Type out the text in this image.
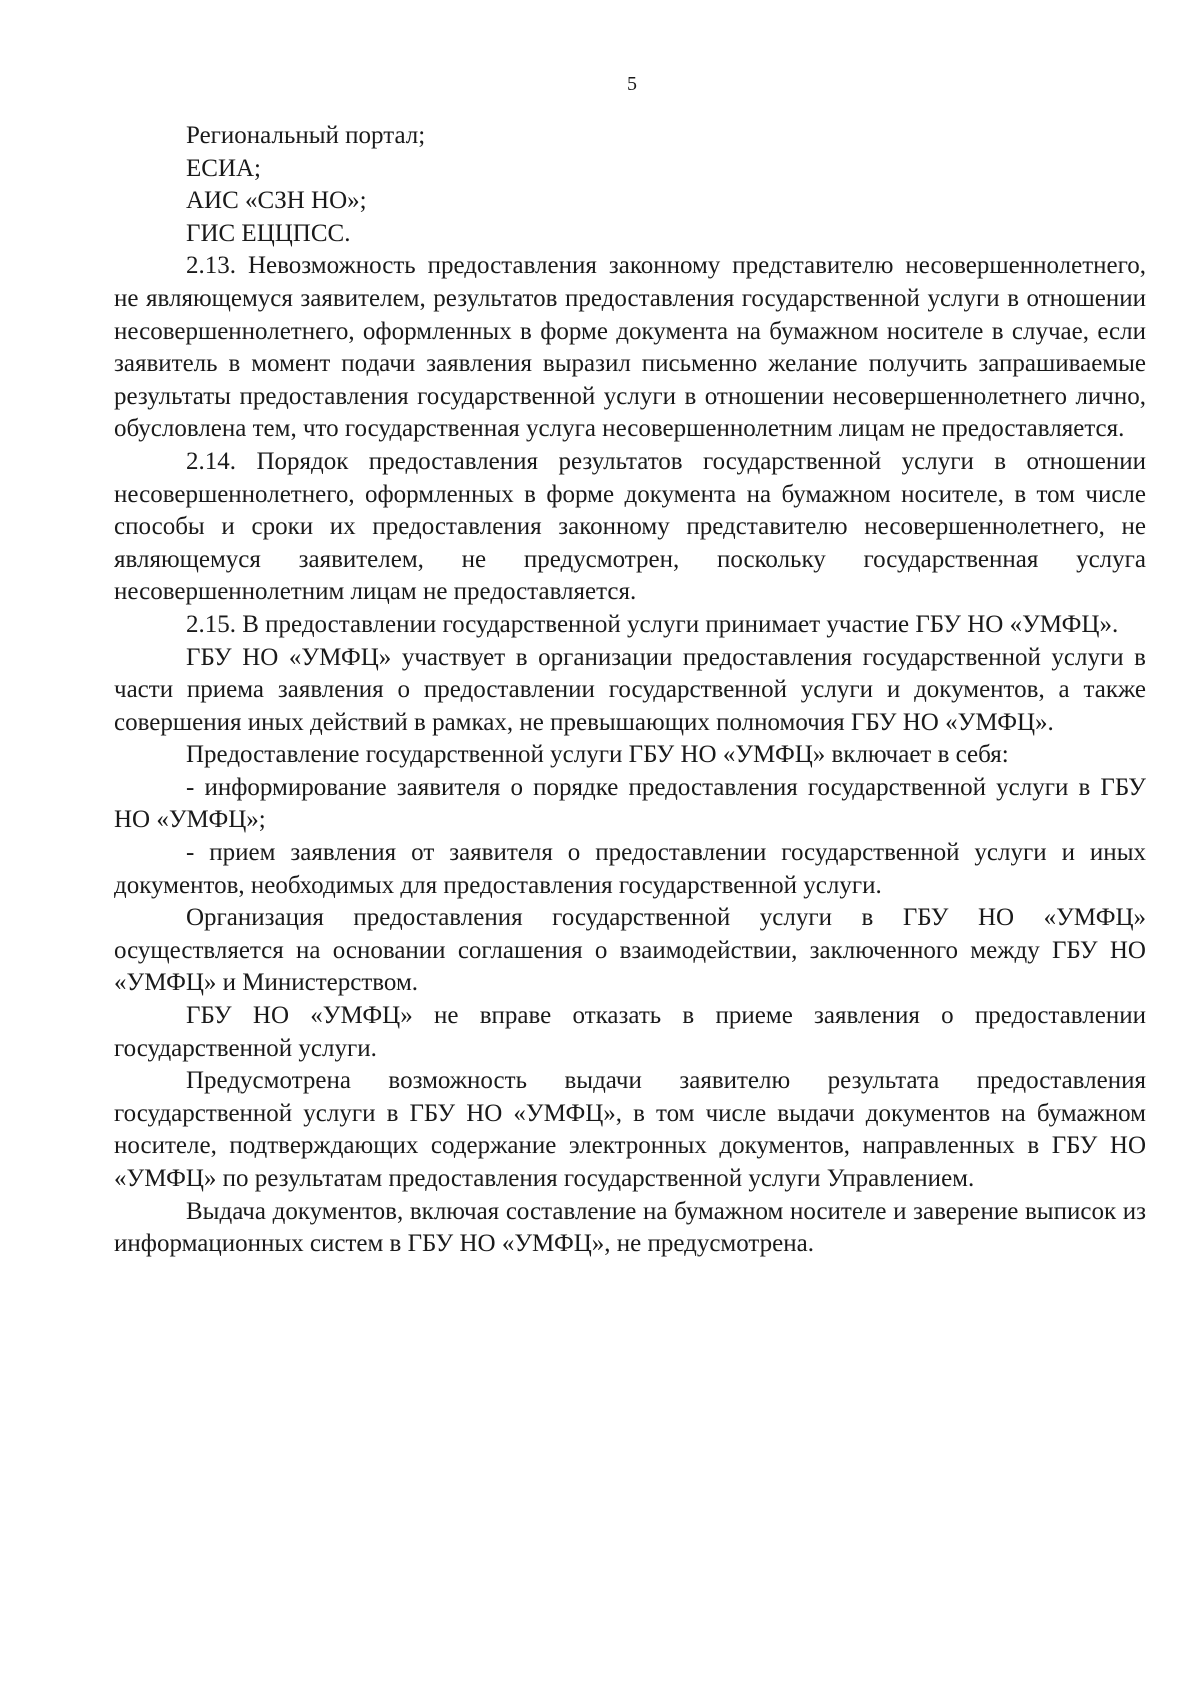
5

Региональный портал;

ЕСИА;

АИС «СЗН НО»;

ГИС ЕЦЦПСС.

2.13. Невозможность предоставления законному представителю несовершеннолетнего, не являющемуся заявителем, результатов предоставления государственной услуги в отношении несовершеннолетнего, оформленных в форме документа на бумажном носителе в случае, если заявитель в момент подачи заявления выразил письменно желание получить запрашиваемые результаты предоставления государственной услуги в отношении несовершеннолетнего лично, обусловлена тем, что государственная услуга несовершеннолетним лицам не предоставляется.

2.14. Порядок предоставления результатов государственной услуги в отношении несовершеннолетнего, оформленных в форме документа на бумажном носителе, в том числе способы и сроки их предоставления законному представителю несовершеннолетнего, не являющемуся заявителем, не предусмотрен, поскольку государственная услуга несовершеннолетним лицам не предоставляется.

2.15. В предоставлении государственной услуги принимает участие ГБУ НО «УМФЦ».

ГБУ НО «УМФЦ» участвует в организации предоставления государственной услуги в части приема заявления о предоставлении государственной услуги и документов, а также совершения иных действий в рамках, не превышающих полномочия ГБУ НО «УМФЦ».

Предоставление государственной услуги ГБУ НО «УМФЦ» включает в себя:

- информирование заявителя о порядке предоставления государственной услуги в ГБУ НО «УМФЦ»;

- прием заявления от заявителя о предоставлении государственной услуги и иных документов, необходимых для предоставления государственной услуги.

Организация предоставления государственной услуги в ГБУ НО «УМФЦ» осуществляется на основании соглашения о взаимодействии, заключенного между ГБУ НО «УМФЦ» и Министерством.

ГБУ НО «УМФЦ» не вправе отказать в приеме заявления о предоставлении государственной услуги.

Предусмотрена возможность выдачи заявителю результата предоставления государственной услуги в ГБУ НО «УМФЦ», в том числе выдачи документов на бумажном носителе, подтверждающих содержание электронных документов, направленных в ГБУ НО «УМФЦ» по результатам предоставления государственной услуги Управлением.

Выдача документов, включая составление на бумажном носителе и заверение выписок из информационных систем в ГБУ НО «УМФЦ», не предусмотрена.
